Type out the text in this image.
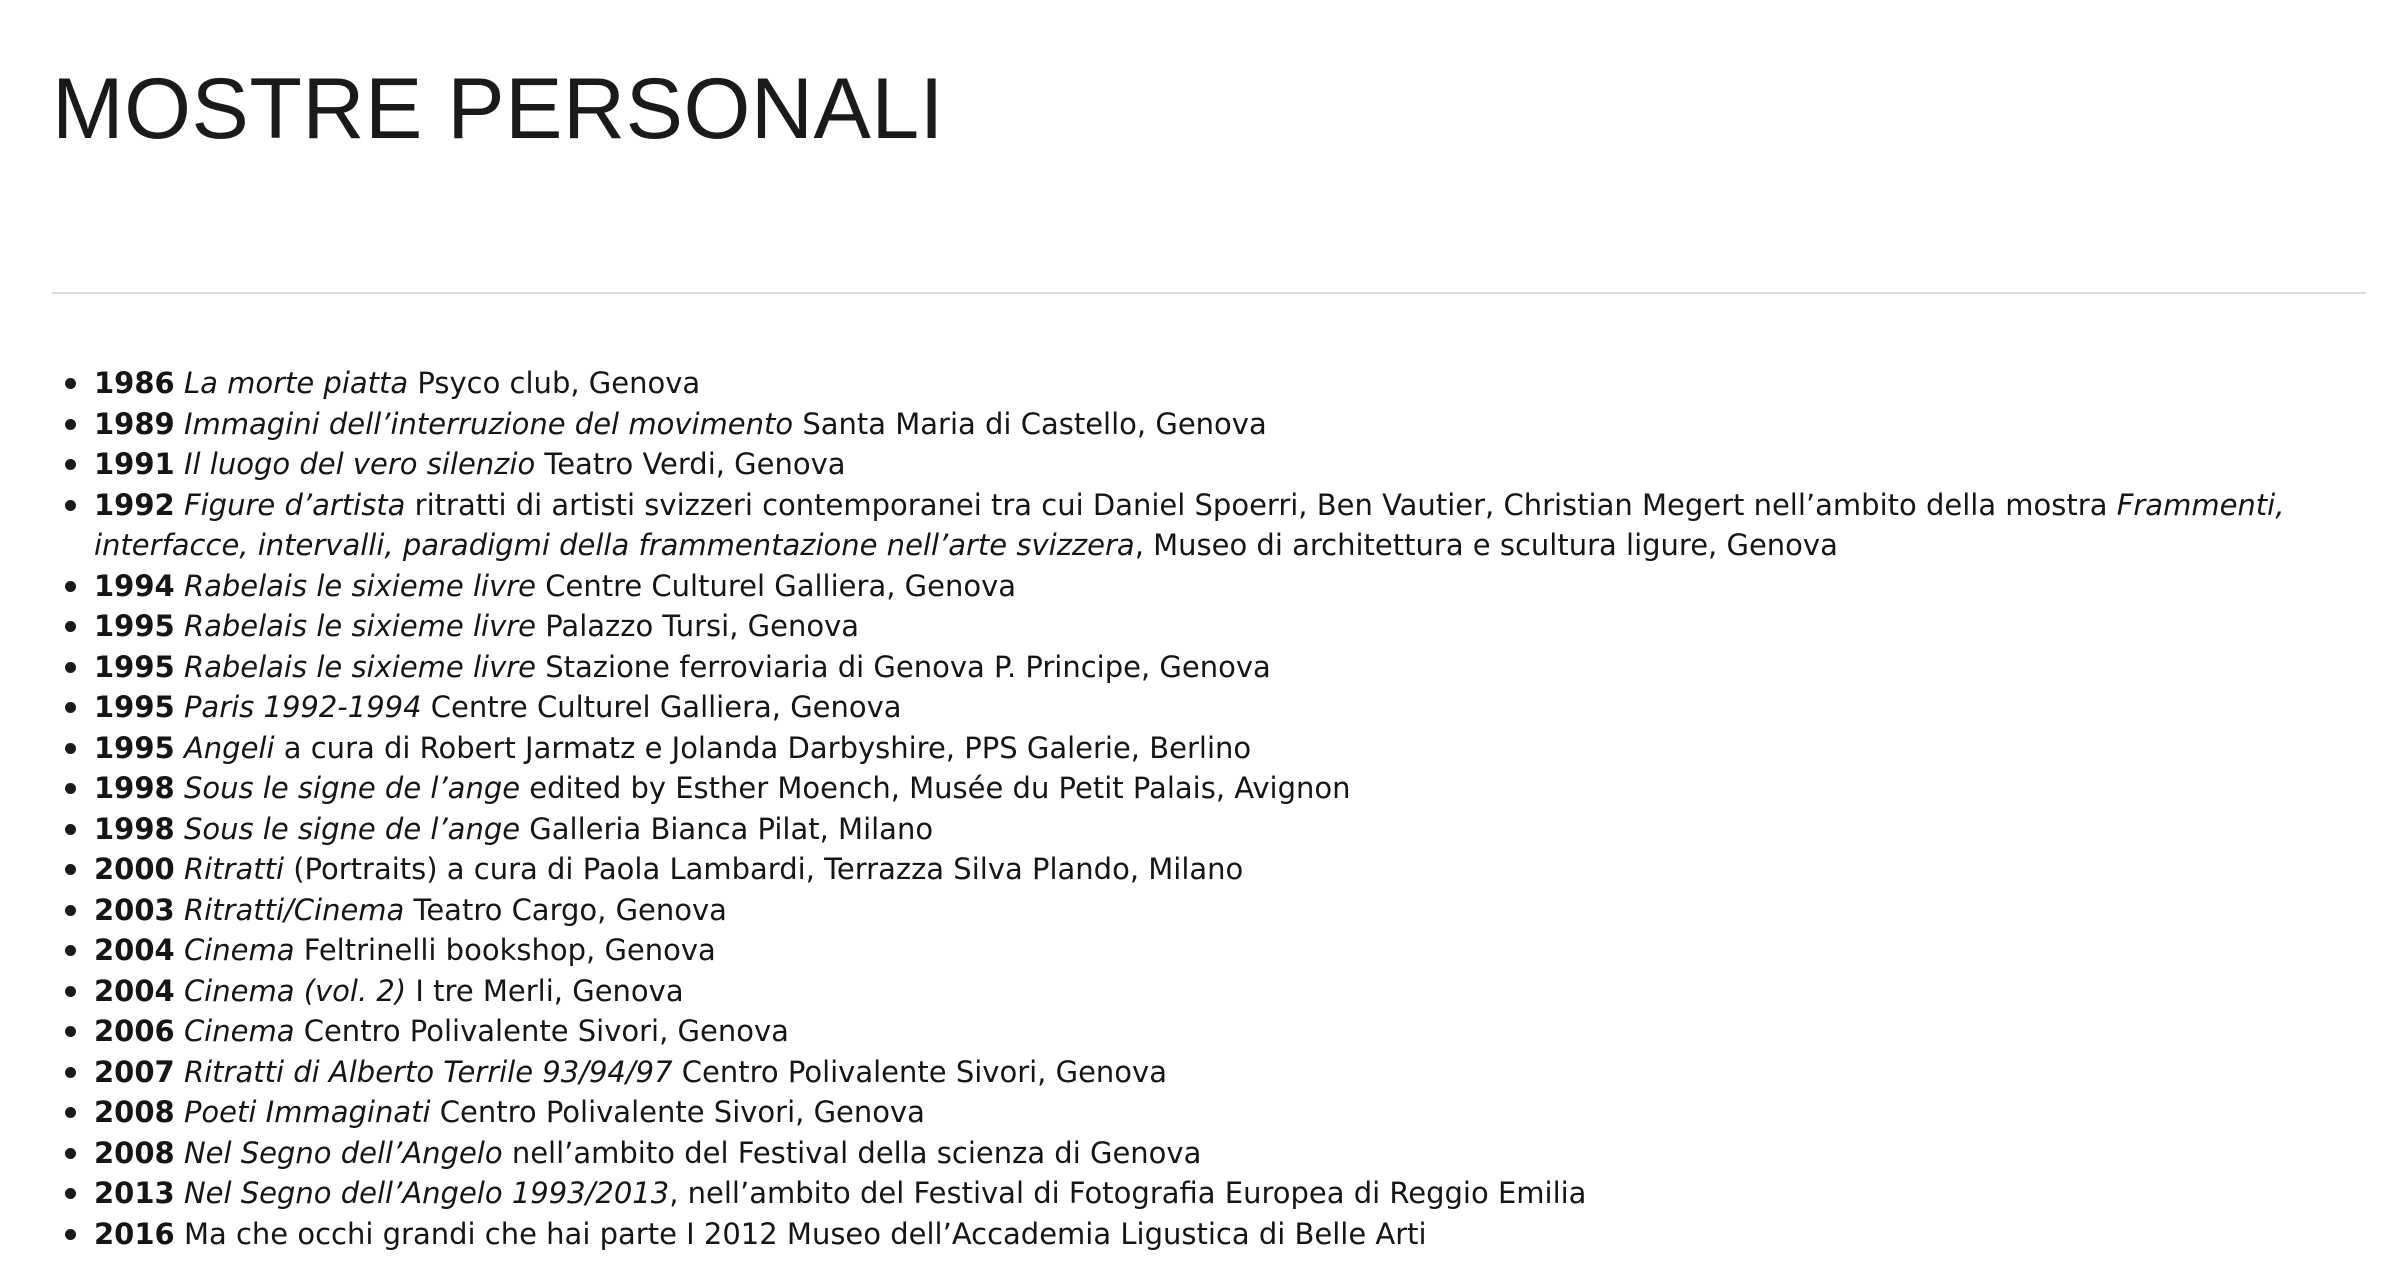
MOSTRE PERSONALI
1986 La morte piatta Psyco club, Genova
1989 Immagini dell’interruzione del movimento Santa Maria di Castello, Genova
1991 Il luogo del vero silenzio Teatro Verdi, Genova
1992 Figure d’artista ritratti di artisti svizzeri contemporanei tra cui Daniel Spoerri, Ben Vautier, Christian Megert nell’ambito della mostra Frammenti, interfacce, intervalli, paradigmi della frammentazione nell’arte svizzera, Museo di architettura e scultura ligure, Genova
1994 Rabelais le sixieme livre Centre Culturel Galliera, Genova
1995 Rabelais le sixieme livre Palazzo Tursi, Genova
1995 Rabelais le sixieme livre Stazione ferroviaria di Genova P. Principe, Genova
1995 Paris 1992-1994 Centre Culturel Galliera, Genova
1995 Angeli a cura di Robert Jarmatz e Jolanda Darbyshire, PPS Galerie, Berlino
1998 Sous le signe de l’ange edited by Esther Moench, Musée du Petit Palais, Avignon
1998 Sous le signe de l’ange Galleria Bianca Pilat, Milano
2000 Ritratti (Portraits) a cura di Paola Lambardi, Terrazza Silva Plando, Milano
2003 Ritratti/Cinema Teatro Cargo, Genova
2004 Cinema Feltrinelli bookshop, Genova
2004 Cinema (vol. 2) I tre Merli, Genova
2006 Cinema Centro Polivalente Sivori, Genova
2007 Ritratti di Alberto Terrile 93/94/97 Centro Polivalente Sivori, Genova
2008 Poeti Immaginati Centro Polivalente Sivori, Genova
2008 Nel Segno dell’Angelo nell’ambito del Festival della scienza di Genova
2013 Nel Segno dell’Angelo 1993/2013, nell’ambito del Festival di Fotografia Europea di Reggio Emilia
2016 Ma che occhi grandi che hai parte I 2012 Museo dell’Accademia Ligustica di Belle Arti
